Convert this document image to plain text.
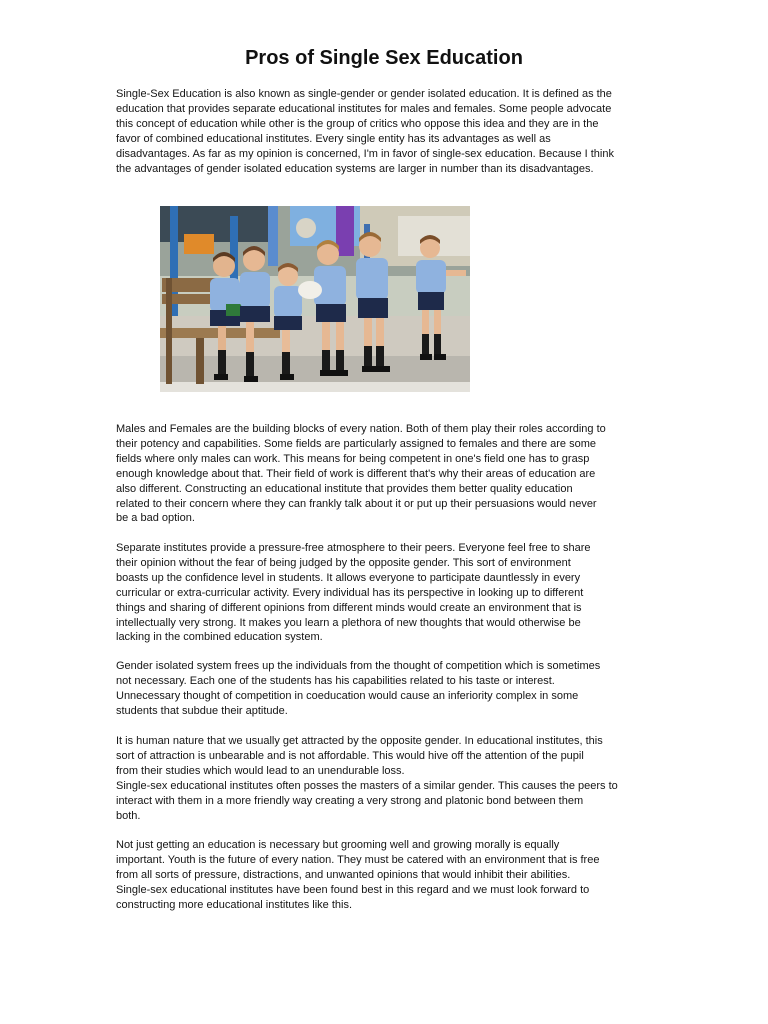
Pros of Single Sex Education
Single-Sex Education is also known as single-gender or gender isolated education. It is defined as the
education that provides separate educational institutes for males and females. Some people advocate
this concept of education while other is the group of critics who oppose this idea and they are in the
favor of combined educational institutes. Every single entity has its advantages as well as
disadvantages. As far as my opinion is concerned, I'm in favor of single-sex education. Because I think
the advantages of gender isolated education systems are larger in number than its disadvantages.
Males and Females are the building blocks of every nation. Both of them play their roles according to
their potency and capabilities. Some fields are particularly assigned to females and there are some
fields where only males can work. This means for being competent in one's field one has to grasp
enough knowledge about that. Their field of work is different that's why their areas of education are
also different. Constructing an educational institute that provides them better quality education
related to their concern where they can frankly talk about it or put up their persuasions would never
be a bad option.
Separate institutes provide a pressure-free atmosphere to their peers. Everyone feel free to share
their opinion without the fear of being judged by the opposite gender. This sort of environment
boasts up the confidence level in students. It allows everyone to participate dauntlessly in every
curricular or extra-curricular activity. Every individual has its perspective in looking up to different
things and sharing of different opinions from different minds would create an environment that is
intellectually very strong. It makes you learn a plethora of new thoughts that would otherwise be
lacking in the combined education system.
Gender isolated system frees up the individuals from the thought of competition which is sometimes
not necessary. Each one of the students has his capabilities related to his taste or interest.
Unnecessary thought of competition in coeducation would cause an inferiority complex in some
students that subdue their aptitude.
It is human nature that we usually get attracted by the opposite gender. In educational institutes, this
sort of attraction is unbearable and is not affordable. This would hive off the attention of the pupil
from their studies which would lead to an unendurable loss.
Single-sex educational institutes often posses the masters of a similar gender. This causes the peers to
interact with them in a more friendly way creating a very strong and platonic bond between them
both.
Not just getting an education is necessary but grooming well and growing morally is equally
important. Youth is the future of every nation. They must be catered with an environment that is free
from all sorts of pressure, distractions, and unwanted opinions that would inhibit their abilities.
Single-sex educational institutes have been found best in this regard and we must look forward to
constructing more educational institutes like this.
